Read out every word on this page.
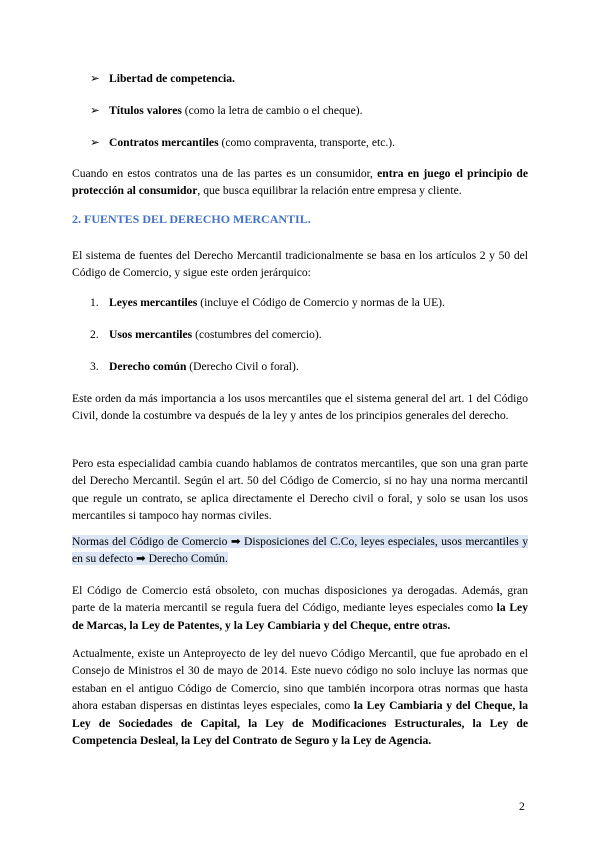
➢ Libertad de competencia.
➢ Títulos valores (como la letra de cambio o el cheque).
➢ Contratos mercantiles (como compraventa, transporte, etc.).

Cuando en estos contratos una de las partes es un consumidor, entra en juego el principio de protección al consumidor, que busca equilibrar la relación entre empresa y cliente.

2. FUENTES DEL DERECHO MERCANTIL.

El sistema de fuentes del Derecho Mercantil tradicionalmente se basa en los artículos 2 y 50 del Código de Comercio, y sigue este orden jerárquico:

1. Leyes mercantiles (incluye el Código de Comercio y normas de la UE).
2. Usos mercantiles (costumbres del comercio).
3. Derecho común (Derecho Civil o foral).

Este orden da más importancia a los usos mercantiles que el sistema general del art. 1 del Código Civil, donde la costumbre va después de la ley y antes de los principios generales del derecho.

Pero esta especialidad cambia cuando hablamos de contratos mercantiles, que son una gran parte del Derecho Mercantil. Según el art. 50 del Código de Comercio, si no hay una norma mercantil que regule un contrato, se aplica directamente el Derecho civil o foral, y solo se usan los usos mercantiles si tampoco hay normas civiles.

Normas del Código de Comercio ➡ Disposiciones del C.Co, leyes especiales, usos mercantiles y en su defecto ➡ Derecho Común.

El Código de Comercio está obsoleto, con muchas disposiciones ya derogadas. Además, gran parte de la materia mercantil se regula fuera del Código, mediante leyes especiales como la Ley de Marcas, la Ley de Patentes, y la Ley Cambiaria y del Cheque, entre otras.

Actualmente, existe un Anteproyecto de ley del nuevo Código Mercantil, que fue aprobado en el Consejo de Ministros el 30 de mayo de 2014. Este nuevo código no solo incluye las normas que estaban en el antiguo Código de Comercio, sino que también incorpora otras normas que hasta ahora estaban dispersas en distintas leyes especiales, como la Ley Cambiaria y del Cheque, la Ley de Sociedades de Capital, la Ley de Modificaciones Estructurales, la Ley de Competencia Desleal, la Ley del Contrato de Seguro y la Ley de Agencia.

2
